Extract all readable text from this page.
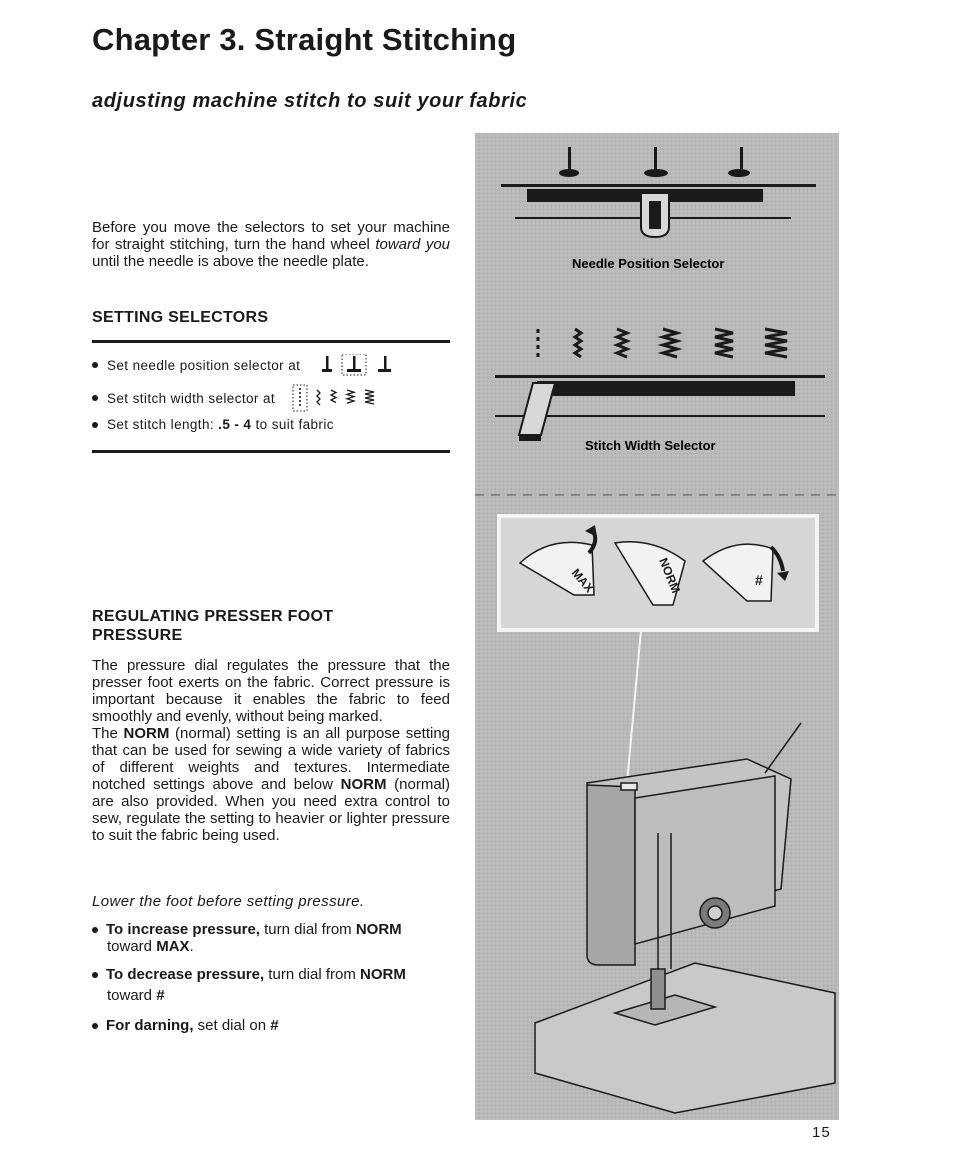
Chapter 3. Straight Stitching
adjusting machine stitch to suit your fabric
Before you move the selectors to set your machine for straight stitching, turn the hand wheel toward you until the needle is above the needle plate.
SETTING SELECTORS
Set needle position selector at
Set stitch width selector at
Set stitch length: .5 - 4 to suit fabric
REGULATING PRESSER FOOT PRESSURE

The pressure dial regulates the pressure that the presser foot exerts on the fabric. Correct pressure is important because it enables the fabric to feed smoothly and evenly, without being marked.

The NORM (normal) setting is an all purpose setting that can be used for sewing a wide variety of fabrics of different weights and textures. Intermediate notched settings above and below NORM (normal) are also provided. When you need extra control to sew, regulate the setting to heavier or lighter pressure to suit the fabric being used.

Lower the foot before setting pressure.
To increase pressure, turn dial from NORM
toward MAX.
To decrease pressure, turn dial from NORM
toward #
For darning, set dial on #
Needle Position Selector
Stitch Width Selector
MAX	NORM	#
15
